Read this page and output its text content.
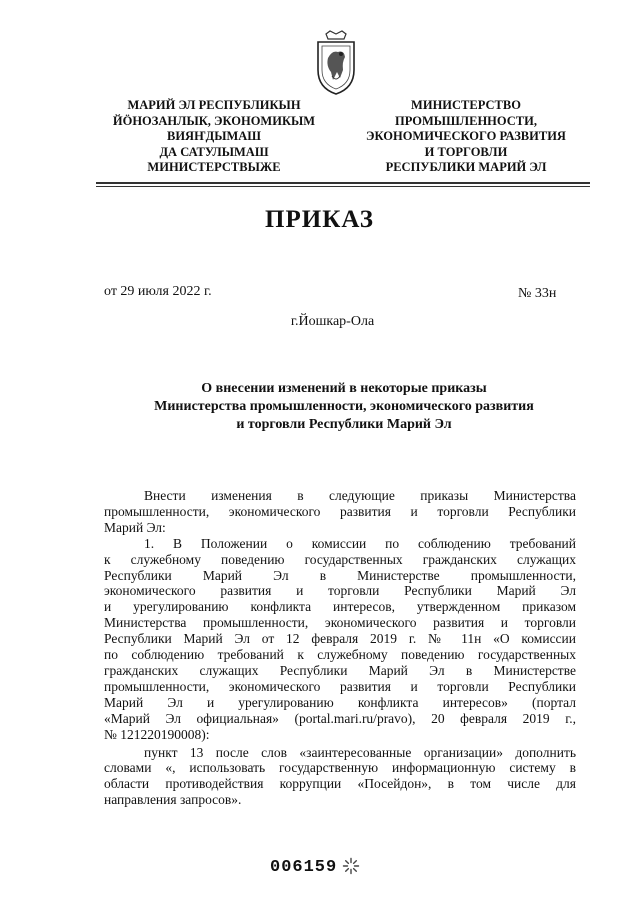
МАРИЙ ЭЛ РЕСПУБЛИКЫН
ЙӦНОЗАНЛЫК, ЭКОНОМИКЫМ
ВИЯҤДЫМАШ
ДА САТУЛЫМАШ
МИНИСТЕРСТВЫЖЕ
МИНИСТЕРСТВО
ПРОМЫШЛЕННОСТИ,
ЭКОНОМИЧЕСКОГО РАЗВИТИЯ
И ТОРГОВЛИ
РЕСПУБЛИКИ МАРИЙ ЭЛ
ПРИКАЗ
от 29 июля 2022 г.	№ 33н
г.Йошкар-Ола
О внесении изменений в некоторые приказы
Министерства промышленности, экономического развития
и торговли Республики Марий Эл

Внести изменения в следующие приказы Министерства
промышленности, экономического развития и торговли Республики
Марий Эл:

1. В Положении о комиссии по соблюдению требований
к служебному поведению государственных гражданских служащих
Республики Марий Эл в Министерстве промышленности,
экономического развития и торговли Республики Марий Эл
и урегулированию конфликта интересов, утвержденном приказом
Министерства промышленности, экономического развития и торговли
Республики Марий Эл от 12 февраля 2019 г. № 11н «О комиссии
по соблюдению требований к служебному поведению государственных
гражданских служащих Республики Марий Эл в Министерстве
промышленности, экономического развития и торговли Республики
Марий Эл и урегулированию конфликта интересов» (портал
«Марий Эл официальная» (portal.mari.ru/pravo), 20 февраля 2019 г.,
№ 121220190008):

пункт 13 после слов «заинтересованные организации» дополнить
словами «, использовать государственную информационную систему в
области противодействия коррупции «Посейдон», в том числе для
направления запросов».

006159
